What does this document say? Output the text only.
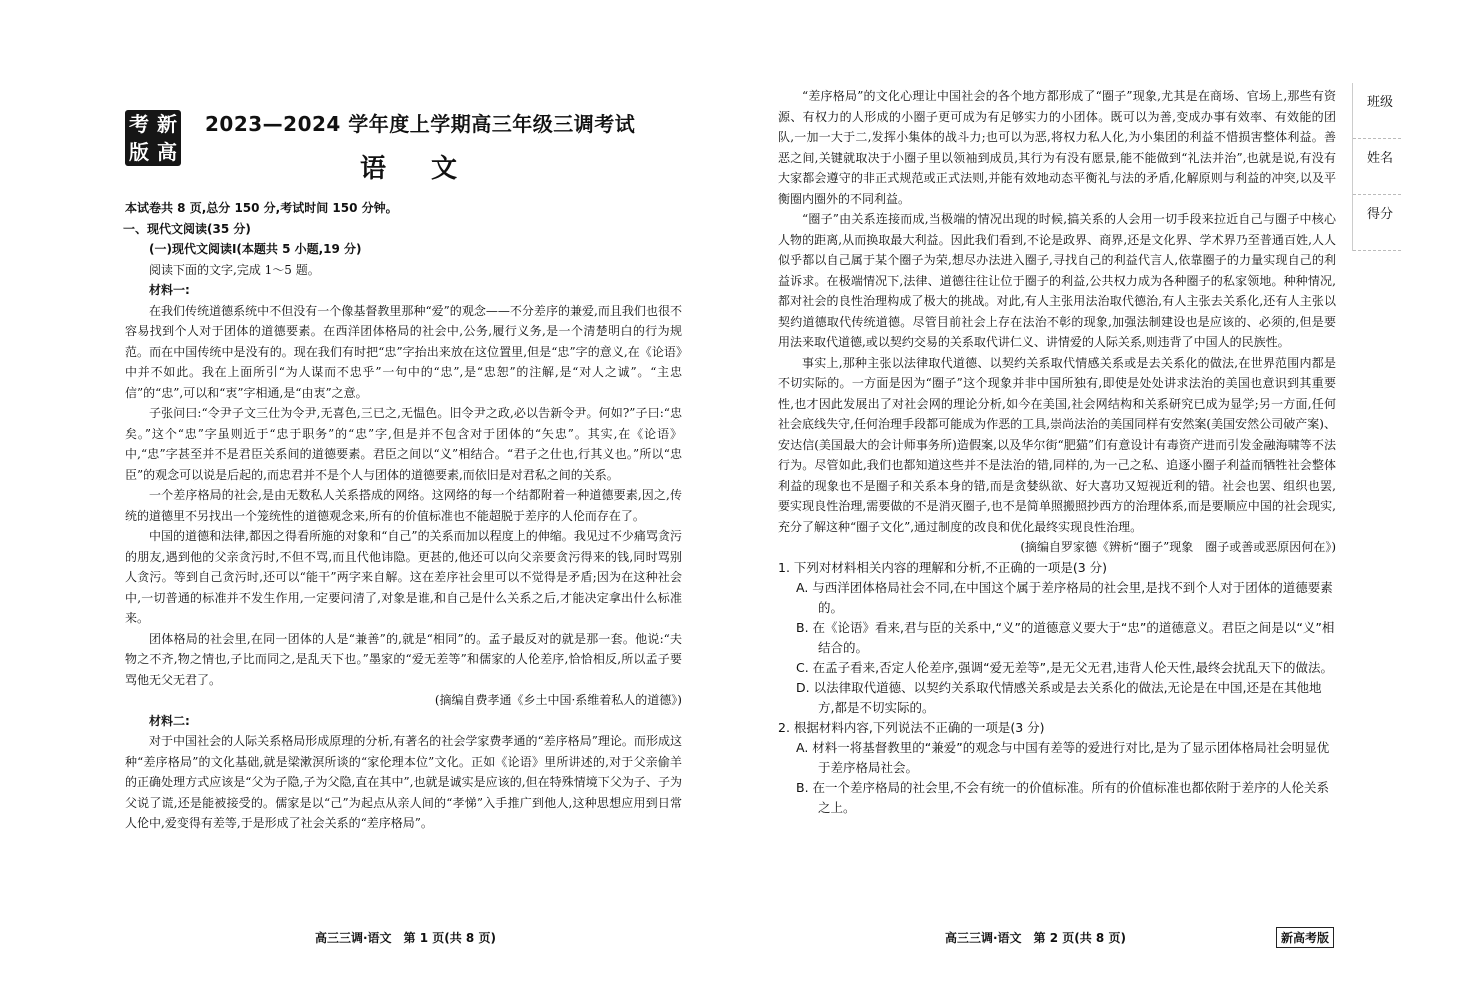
考 新
版 高
2023—2024 学年度上学期高三年级三调考试
语 文

本试卷共 8 页,总分 150 分,考试时间 150 分钟。

一、现代文阅读(35 分)

(一)现代文阅读Ⅰ(本题共 5 小题,19 分)

阅读下面的文字,完成 1～5 题。

材料一:

在我们传统道德系统中不但没有一个像基督教里那种“爱”的观念——不分差序的兼爱,而且我们也很不容易找到个人对于团体的道德要素。在西洋团体格局的社会中,公务,履行义务,是一个清楚明白的行为规范。而在中国传统中是没有的。现在我们有时把“忠”字抬出来放在这位置里,但是“忠”字的意义,在《论语》中并不如此。我在上面所引“为人谋而不忠乎”一句中的“忠”,是“忠恕”的注解,是“对人之诚”。“主忠信”的“忠”,可以和“衷”字相通,是“由衷”之意。

子张问曰:“令尹子文三仕为令尹,无喜色,三已之,无愠色。旧令尹之政,必以告新令尹。何如?”子曰:“忠矣。”这个“忠”字虽则近于“忠于职务”的“忠”字,但是并不包含对于团体的“矢忠”。其实,在《论语》中,“忠”字甚至并不是君臣关系间的道德要素。君臣之间以“义”相结合。“君子之仕也,行其义也。”所以“忠臣”的观念可以说是后起的,而忠君并不是个人与团体的道德要素,而依旧是对君私之间的关系。

一个差序格局的社会,是由无数私人关系搭成的网络。这网络的每一个结都附着一种道德要素,因之,传统的道德里不另找出一个笼统性的道德观念来,所有的价值标准也不能超脱于差序的人伦而存在了。

中国的道德和法律,都因之得看所施的对象和“自己”的关系而加以程度上的伸缩。我见过不少痛骂贪污的朋友,遇到他的父亲贪污时,不但不骂,而且代他讳隐。更甚的,他还可以向父亲要贪污得来的钱,同时骂别人贪污。等到自己贪污时,还可以“能干”两字来自解。这在差序社会里可以不觉得是矛盾;因为在这种社会中,一切普通的标准并不发生作用,一定要问清了,对象是谁,和自己是什么关系之后,才能决定拿出什么标准来。

团体格局的社会里,在同一团体的人是“兼善”的,就是“相同”的。孟子最反对的就是那一套。他说:“夫物之不齐,物之情也,子比而同之,是乱天下也。”墨家的“爱无差等”和儒家的人伦差序,恰恰相反,所以孟子要骂他无父无君了。

(摘编自费孝通《乡土中国·系维着私人的道德》)

材料二:

对于中国社会的人际关系格局形成原理的分析,有著名的社会学家费孝通的“差序格局”理论。而形成这种“差序格局”的文化基础,就是梁漱溟所谈的“家伦理本位”文化。正如《论语》里所讲述的,对于父亲偷羊的正确处理方式应该是“父为子隐,子为父隐,直在其中”,也就是诚实是应该的,但在特殊情境下父为子、子为父说了谎,还是能被接受的。儒家是以“己”为起点从亲人间的“孝悌”入手推广到他人,这种思想应用到日常人伦中,爱变得有差等,于是形成了社会关系的“差序格局”。

“差序格局”的文化心理让中国社会的各个地方都形成了“圈子”现象,尤其是在商场、官场上,那些有资源、有权力的人形成的小圈子更可成为有足够实力的小团体。既可以为善,变成办事有效率、有效能的团队,一加一大于二,发挥小集体的战斗力;也可以为恶,将权力私人化,为小集团的利益不惜损害整体利益。善恶之间,关键就取决于小圈子里以领袖到成员,其行为有没有愿景,能不能做到“礼法并治”,也就是说,有没有大家都会遵守的非正式规范或正式法则,并能有效地动态平衡礼与法的矛盾,化解原则与利益的冲突,以及平衡圈内圈外的不同利益。

“圈子”由关系连接而成,当极端的情况出现的时候,搞关系的人会用一切手段来拉近自己与圈子中核心人物的距离,从而换取最大利益。因此我们看到,不论是政界、商界,还是文化界、学术界乃至普通百姓,人人似乎都以自己属于某个圈子为荣,想尽办法进入圈子,寻找自己的利益代言人,依靠圈子的力量实现自己的利益诉求。在极端情况下,法律、道德往往让位于圈子的利益,公共权力成为各种圈子的私家领地。种种情况,都对社会的良性治理构成了极大的挑战。对此,有人主张用法治取代德治,有人主张去关系化,还有人主张以契约道德取代传统道德。尽管目前社会上存在法治不彰的现象,加强法制建设也是应该的、必须的,但是要用法来取代道德,或以契约交易的关系取代讲仁义、讲情爱的人际关系,则违背了中国人的民族性。

事实上,那种主张以法律取代道德、以契约关系取代情感关系或是去关系化的做法,在世界范围内都是不切实际的。一方面是因为“圈子”这个现象并非中国所独有,即使是处处讲求法治的美国也意识到其重要性,也才因此发展出了对社会网的理论分析,如今在美国,社会网结构和关系研究已成为显学;另一方面,任何社会底线失守,任何治理手段都可能成为作恶的工具,崇尚法治的美国同样有安然案(美国安然公司破产案)、安达信(美国最大的会计师事务所)造假案,以及华尔街“肥猫”们有意设计有毒资产进而引发金融海啸等不法行为。尽管如此,我们也都知道这些并不是法治的错,同样的,为一己之私、追逐小圈子利益而牺牲社会整体利益的现象也不是圈子和关系本身的错,而是贪婪纵欲、好大喜功又短视近利的错。社会也罢、组织也罢,要实现良性治理,需要做的不是消灭圈子,也不是简单照搬照抄西方的治理体系,而是要顺应中国的社会现实,充分了解这种“圈子文化”,通过制度的改良和优化最终实现良性治理。

(摘编自罗家德《辨析“圈子”现象　圈子或善或恶原因何在》)

1. 下列对材料相关内容的理解和分析,不正确的一项是(3 分)

A. 与西洋团体格局社会不同,在中国这个属于差序格局的社会里,是找不到个人对于团体的道德要素的。

B. 在《论语》看来,君与臣的关系中,“义”的道德意义要大于“忠”的道德意义。君臣之间是以“义”相结合的。

C. 在孟子看来,否定人伦差序,强调“爱无差等”,是无父无君,违背人伦天性,最终会扰乱天下的做法。

D. 以法律取代道德、以契约关系取代情感关系或是去关系化的做法,无论是在中国,还是在其他地方,都是不切实际的。

2. 根据材料内容,下列说法不正确的一项是(3 分)

A. 材料一将基督教里的“兼爱”的观念与中国有差等的爱进行对比,是为了显示团体格局社会明显优于差序格局社会。

B. 在一个差序格局的社会里,不会有统一的价值标准。所有的价值标准也都依附于差序的人伦关系之上。

高三三调·语文　第 1 页(共 8 页)	高三三调·语文　第 2 页(共 8 页)	新高考版
班级
姓名
得分
